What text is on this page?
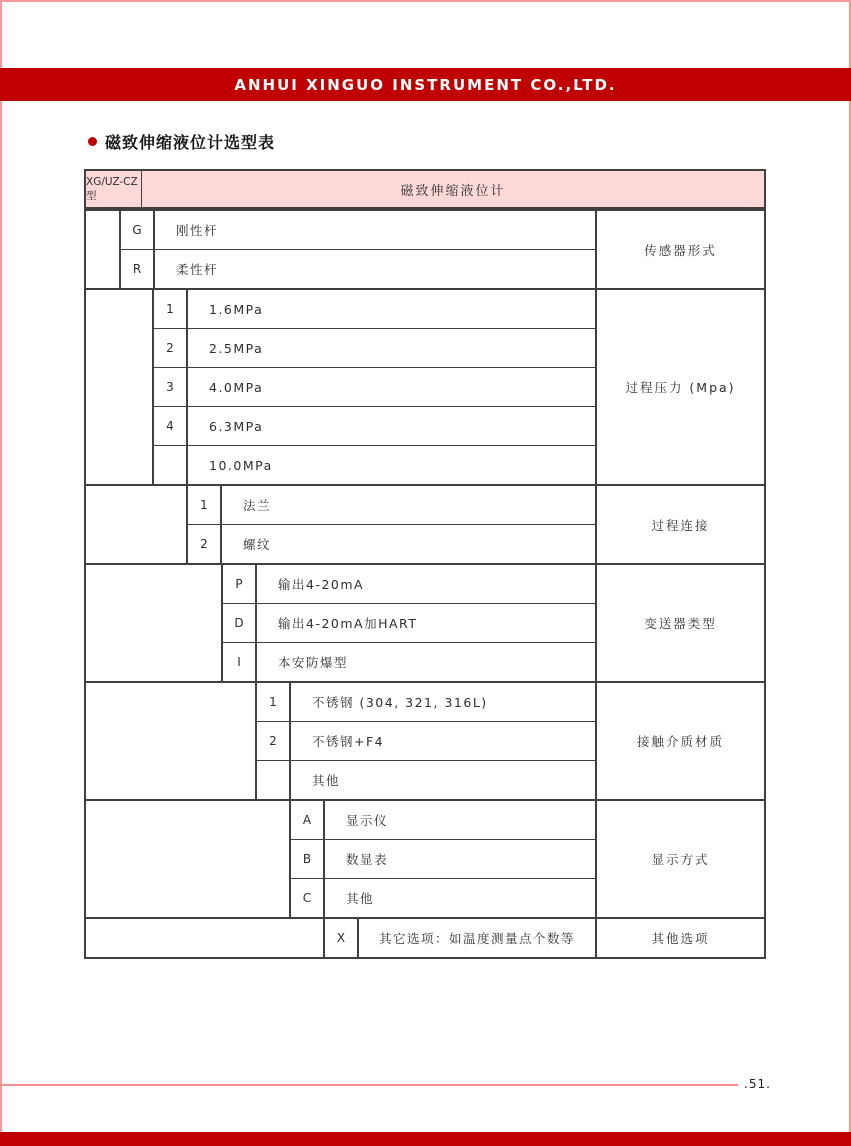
ANHUI XINGUO INSTRUMENT CO.,LTD.
磁致伸缩液位计选型表
XG/UZ-CZ型	磁致伸缩液位计
G	刚性杆
R	柔性杆
传感器形式
1	1.6MPa
2	2.5MPa
3	4.0MPa
4	6.3MPa
10.0MPa
过程压力 (Mpa)
1	法兰
2	螺纹
过程连接
P	输出4-20mA
D	输出4-20mA加HART
I	本安防爆型
变送器类型
1	不锈钢 (304, 321, 316L)
2	不锈钢+F4
其他
接触介质材质
A	显示仪
B	数显表
C	其他
显示方式
X	其它选项：如温度测量点个数等	其他选项
.51.
